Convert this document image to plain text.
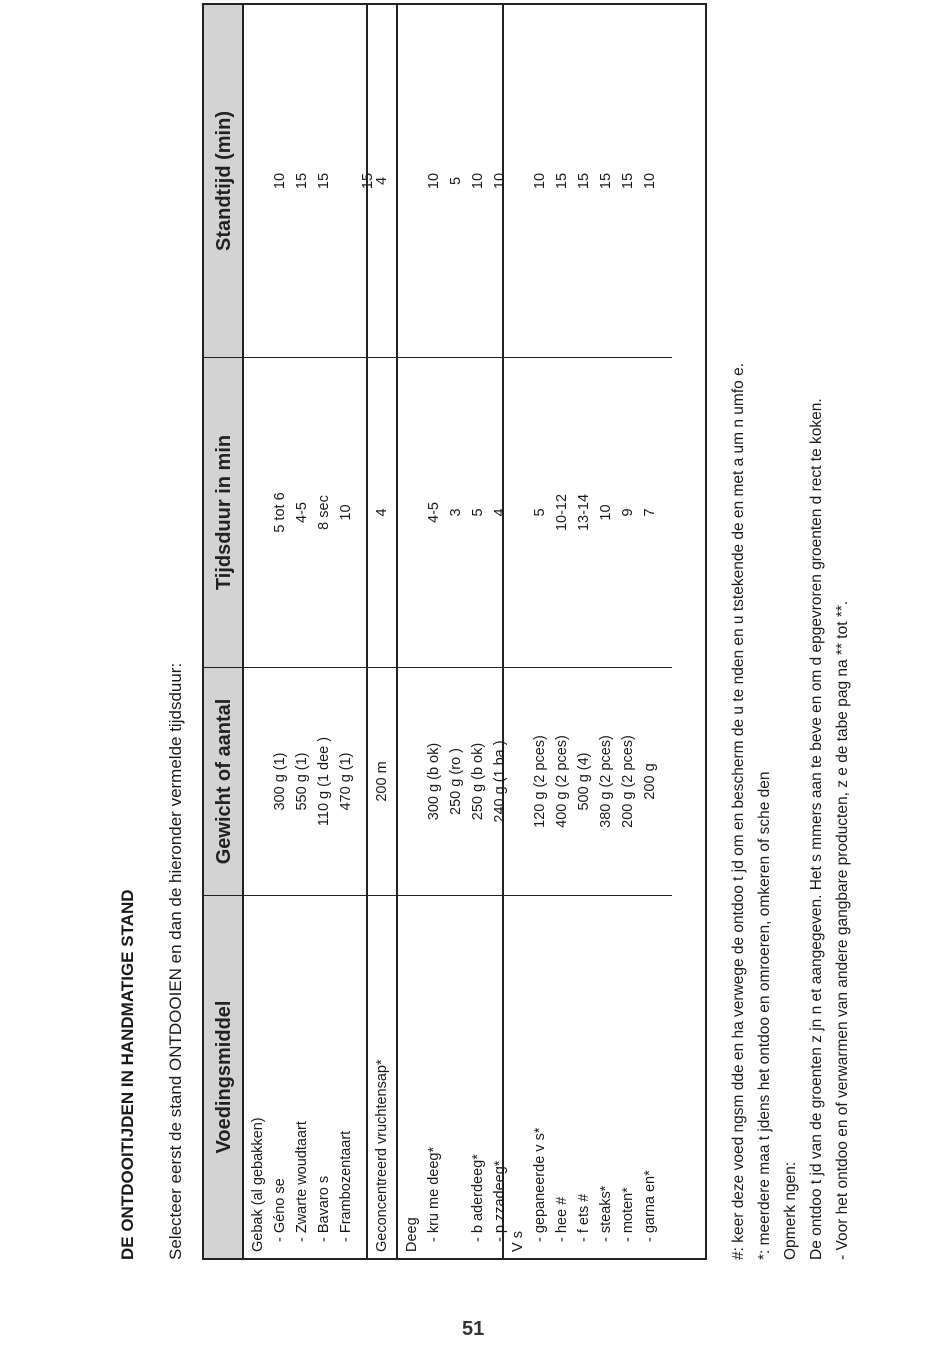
51
DE ONTDOOITIJDEN IN HANDMATIGE STAND Selecteer eerst de stand ONTDOOIEN en dan de hieronder vermelde tijdsduur:	Voedingsmiddel
Gewicht of aantal
Tijdsduur in min
Standtijd (min)
Gebak (al gebakken) - Géno se - Zwarte woudtaart - Bavaro s - Frambozentaart
300 g (1) 550 g (1) 110 g (1 dee ) 470 g (1)
5 tot 6 4-5 8 sec 10
10 15 15 15
Geconcentreerd vruchtensap*
200 m
4
4
Deeg - kru me deeg* - b aderdeeg* - p zzadeeg*
300 g (b ok) 250 g (ro ) 250 g (b ok) 240 g (1 ba )
4-5 3 5 4
10 5 10 10
V s - gepaneerde v s* - hee # - f ets # - steaks* - moten* - garna en*
120 g (2 pces) 400 g (2 pces) 500 g (4) 380 g (2 pces) 200 g (2 pces) 200 g
5 10-12 13-14 10 9 7
10 15 15 15 15 10
#: keer deze voed ngsm dde en ha verwege de ontdoo t jd om en bescherm de u te nden en u tstekende de en met a um n umfo e. *: meerdere maa t jdens het ontdoo en omroeren, omkeren of sche den Opmerk ngen: De ontdoo t jd van de groenten z jn n et aangegeven. Het s mmers aan te beve en om d epgevroren groenten d rect te koken. - Voor het ontdoo en of verwarmen van andere gangbare producten, z e de tabe pag na ** tot **.
